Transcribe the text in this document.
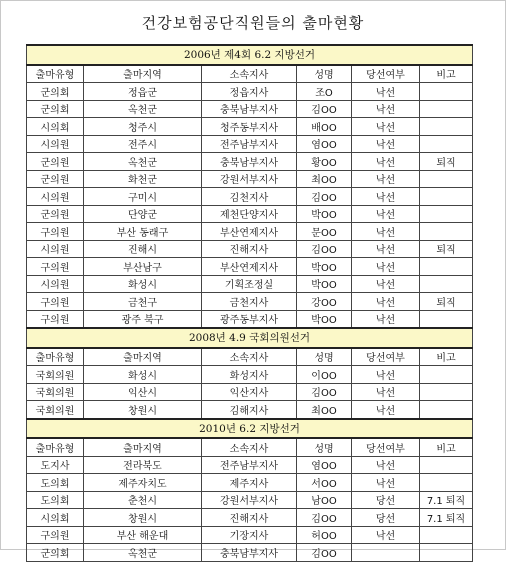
건강보험공단직원들의 출마현황
2006년 제4회 6.2 지방선거					
출마유형	출마지역	소속지사	성명	당선여부	비고
군의회	정읍군	정읍지사	조O	낙선	
군의회	옥천군	충북남부지사	김OO	낙선	
시의회	청주시	청주동부지사	배OO	낙선	
시의원	전주시	전주남부지사	염OO	낙선	
군의원	옥천군	충북남부지사	황OO	낙선	퇴직
군의원	화천군	강원서부지사	최OO	낙선	
시의원	구미시	김천지사	김OO	낙선	
군의원	단양군	제천단양지사	박OO	낙선	
구의원	부산 동래구	부산연제지사	문OO	낙선	
시의원	진해시	진해지사	김OO	낙선	퇴직
구의원	부산남구	부산연제지사	박OO	낙선	
시의원	화성시	기획조정실	박OO	낙선	
구의원	금천구	금천지사	강OO	낙선	퇴직
구의원	광주 북구	광주동부지사	박OO	낙선	
2008년 4.9 국회의원선거					
출마유형	출마지역	소속지사	성명	당선여부	비고
국회의원	화성시	화성지사	이OO	낙선	
국회의원	익산시	익산지사	김OO	낙선	
국회의원	창원시	김해지사	최OO	낙선	
2010년 6.2 지방선거					
출마유형	출마지역	소속지사	성명	당선여부	비고
도지사	전라북도	전주남부지사	염OO	낙선	
도의회	제주자치도	제주지사	서OO	낙선	
도의회	춘천시	강원서부지사	남OO	당선	7.1 퇴직
시의회	창원시	진해지사	김OO	당선	7.1 퇴직
구의원	부산 해운대	기장지사	허OO	낙선	
군의회	옥천군	충북남부지사	김OO		
